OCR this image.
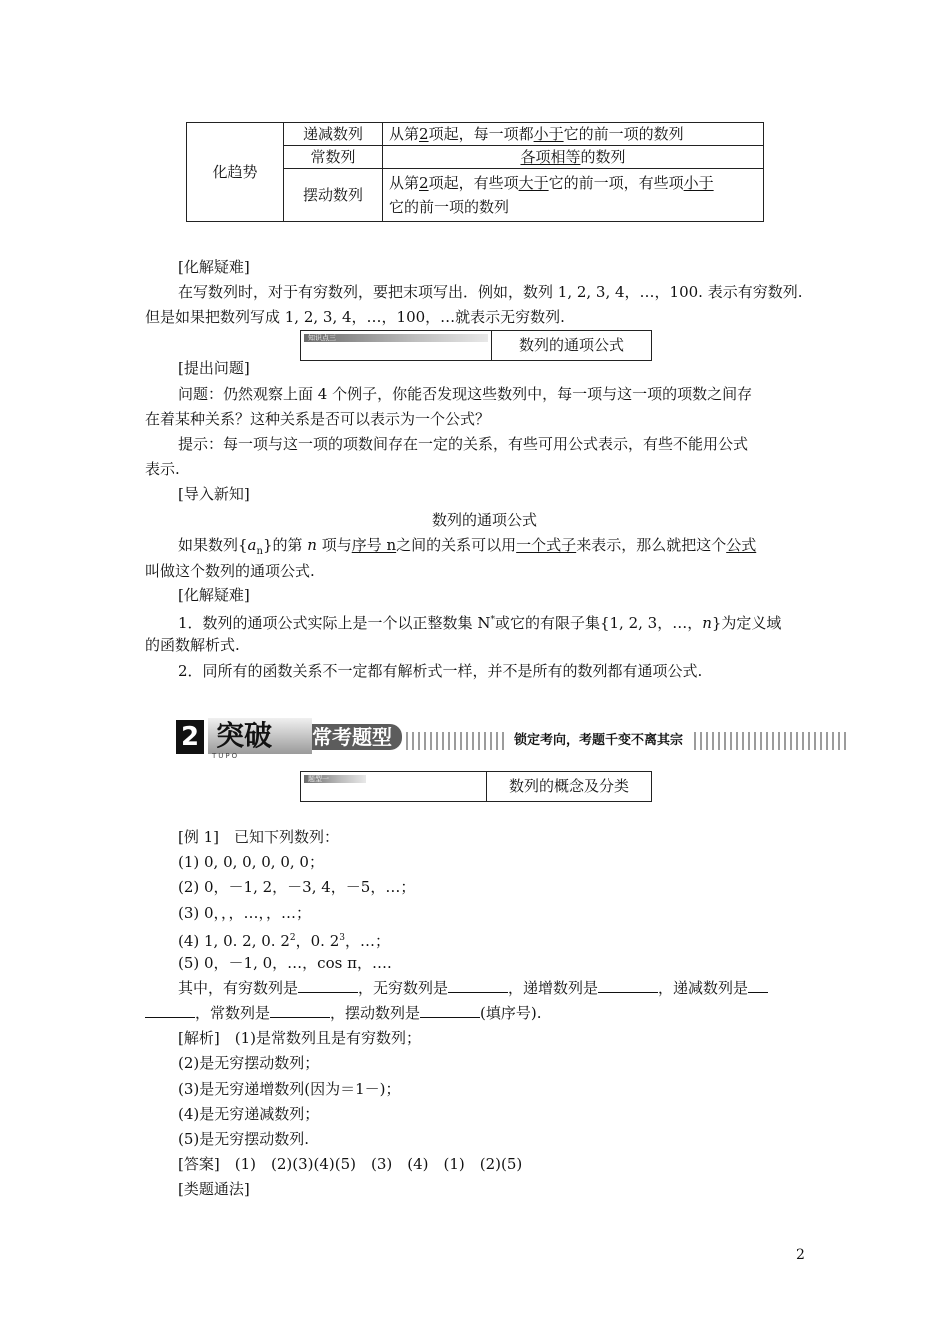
化趋势	递减数列	从第2项起，每一项都小于它的前一项的数列
	常数列	各项相等的数列
	摆动数列	从第2项起，有些项大于它的前一项，有些项小于
它的前一项的数列
[化解疑难]
在写数列时，对于有穷数列，要把末项写出．例如，数列 1, 2, 3, 4，…，100. 表示有穷数列.
但是如果把数列写成 1, 2, 3, 4，…，100，…就表示无穷数列.
知识点三	数列的通项公式
[提出问题]
问题：仍然观察上面 4 个例子，你能否发现这些数列中，每一项与这一项的项数之间存
在着某种关系？这种关系是否可以表示为一个公式？
提示：每一项与这一项的项数间存在一定的关系，有些可用公式表示，有些不能用公式
表示.
[导入新知]
数列的通项公式
如果数列$\{a_n\}$的第 n 项与序号 n之间的关系可以用一个式子来表示，那么就把这个公式
叫做这个数列的通项公式.
[化解疑难]
1．数列的通项公式实际上是一个以正整数集 N*或它的有限子集{1, 2, 3，…，n}为定义域
的函数解析式.
2．同所有的函数关系不一定都有解析式一样，并不是所有的数列都有通项公式.
2	常考题型
突破
TUPO
锁定考向，考题千变不离其宗
题型一	数列的概念及分类
[例 1]　已知下列数列：
(1) 0, 0, 0, 0, 0, 0；
(2) 0，－1, 2，－3, 4，－5，…；
(3) 0，，，…，，…；
(4) 1, 0. 2, 0. $2^2$，0. $2^3$，…；
(5) 0，－1, 0，…，cos π，….
其中，有穷数列是	，无穷数列是	，递增数列是	，递减数列是
，常数列是	，摆动数列是	(填序号).
[解析]　 (1)是常数列且是有穷数列；
(2)是无穷摆动数列；
(3)是无穷递增数列(因为＝1－)；
(4)是无穷递减数列；
(5)是无穷摆动数列.
[答案]　 (1)　(2)(3)(4)(5)　(3)　(4)　(1)　(2)(5)
[类题通法]
2
